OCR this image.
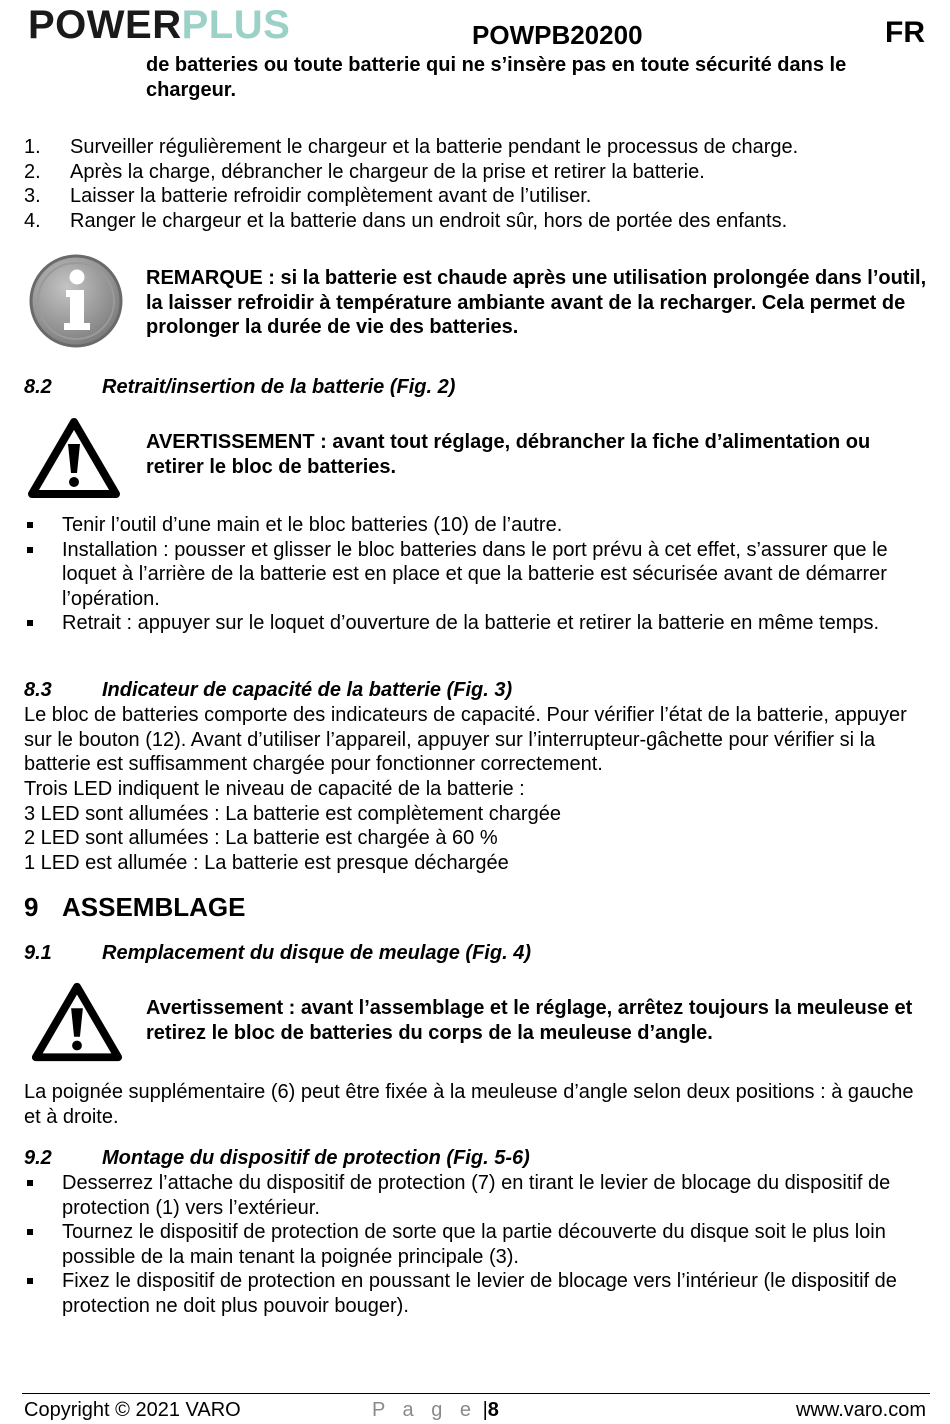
POWERPLUS	POWPB20200	FR
de batteries ou toute batterie qui ne s’insère pas en toute sécurité dans le chargeur.
1.	Surveiller régulièrement le chargeur et la batterie pendant le processus de charge.
2.	Après la charge, débrancher le chargeur de la prise et retirer la batterie.
3.	Laisser la batterie refroidir complètement avant de l’utiliser.
4.	Ranger le chargeur et la batterie dans un endroit sûr, hors de portée des enfants.
REMARQUE : si la batterie est chaude après une utilisation prolongée dans l’outil, la laisser refroidir à température ambiante avant de la recharger. Cela permet de prolonger la durée de vie des batteries.
8.2	Retrait/insertion de la batterie (Fig. 2)
AVERTISSEMENT : avant tout réglage, débrancher la fiche d’alimentation ou retirer le bloc de batteries.
Tenir l’outil d’une main et le bloc batteries (10) de l’autre.
Installation : pousser et glisser le bloc batteries dans le port prévu à cet effet, s’assurer que le loquet à l’arrière de la batterie est en place et que la batterie est sécurisée avant de démarrer l’opération.
Retrait : appuyer sur le loquet d’ouverture de la batterie et retirer la batterie en même temps.
8.3	Indicateur de capacité de la batterie (Fig. 3)
Le bloc de batteries comporte des indicateurs de capacité. Pour vérifier l’état de la batterie, appuyer sur le bouton (12). Avant d’utiliser l’appareil, appuyer sur l’interrupteur-gâchette pour vérifier si la batterie est suffisamment chargée pour fonctionner correctement.
Trois LED indiquent le niveau de capacité de la batterie :
3 LED sont allumées : La batterie est complètement chargée
2 LED sont allumées : La batterie est chargée à 60 %
1 LED est allumée : La batterie est presque déchargée
9 ASSEMBLAGE
9.1	Remplacement du disque de meulage (Fig. 4)
Avertissement : avant l’assemblage et le réglage, arrêtez toujours la meuleuse et retirez le bloc de batteries du corps de la meuleuse d’angle.
La poignée supplémentaire (6) peut être fixée à la meuleuse d’angle selon deux positions : à gauche et à droite.
9.2	Montage du dispositif de protection (Fig. 5-6)
Desserrez l’attache du dispositif de protection (7) en tirant le levier de blocage du dispositif de protection (1) vers l’extérieur.
Tournez le dispositif de protection de sorte que la partie découverte du disque soit le plus loin possible de la main tenant la poignée principale (3).
Fixez le dispositif de protection en poussant le levier de blocage vers l’intérieur (le dispositif de protection ne doit plus pouvoir bouger).
Copyright © 2021 VARO	P a g e |8	www.varo.com
